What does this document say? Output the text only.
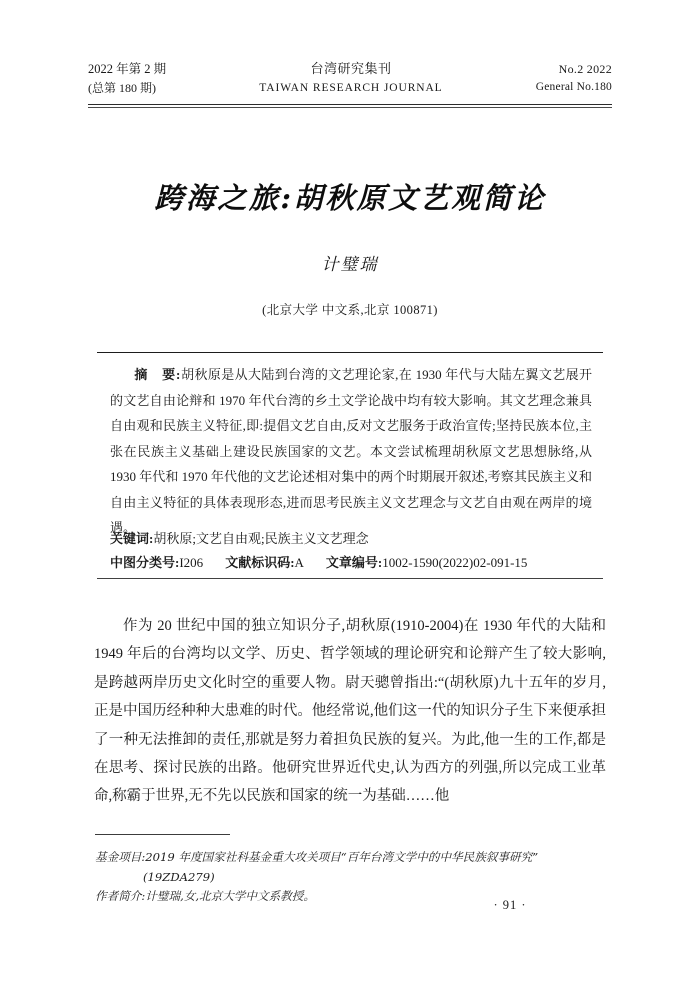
2022 年第 2 期
(总第 180 期)
台湾研究集刊
TAIWAN RESEARCH JOURNAL
No.2 2022
General No.180
跨海之旅:胡秋原文艺观简论
计璧瑞
(北京大学 中文系,北京 100871)

摘　要:胡秋原是从大陆到台湾的文艺理论家,在 1930 年代与大陆左翼文艺展开的文艺自由论辩和 1970 年代台湾的乡土文学论战中均有较大影响。其文艺理念兼具自由观和民族主义特征,即:提倡文艺自由,反对文艺服务于政治宣传;坚持民族本位,主张在民族主义基础上建设民族国家的文艺。本文尝试梳理胡秋原文艺思想脉络,从 1930 年代和 1970 年代他的文艺论述相对集中的两个时期展开叙述,考察其民族主义和自由主义特征的具体表现形态,进而思考民族主义文艺理念与文艺自由观在两岸的境遇。

关键词:胡秋原;文艺自由观;民族主义文艺理念
中图分类号:I206 文献标识码:A 文章编号:1002-1590(2022)02-091-15

作为 20 世纪中国的独立知识分子,胡秋原(1910-2004)在 1930 年代的大陆和 1949 年后的台湾均以文学、历史、哲学领域的理论研究和论辩产生了较大影响,是跨越两岸历史文化时空的重要人物。尉天骢曾指出:“(胡秋原)九十五年的岁月,正是中国历经种种大患难的时代。他经常说,他们这一代的知识分子生下来便承担了一种无法推卸的责任,那就是努力着担负民族的复兴。为此,他一生的工作,都是在思考、探讨民族的出路。他研究世界近代史,认为西方的列强,所以完成工业革命,称霸于世界,无不先以民族和国家的统一为基础……他

基金项目:2019 年度国家社科基金重大攻关项目“百年台湾文学中的中华民族叙事研究”

(19ZDA279)

作者简介:计璧瑞,女,北京大学中文系教授。

· 91 ·
